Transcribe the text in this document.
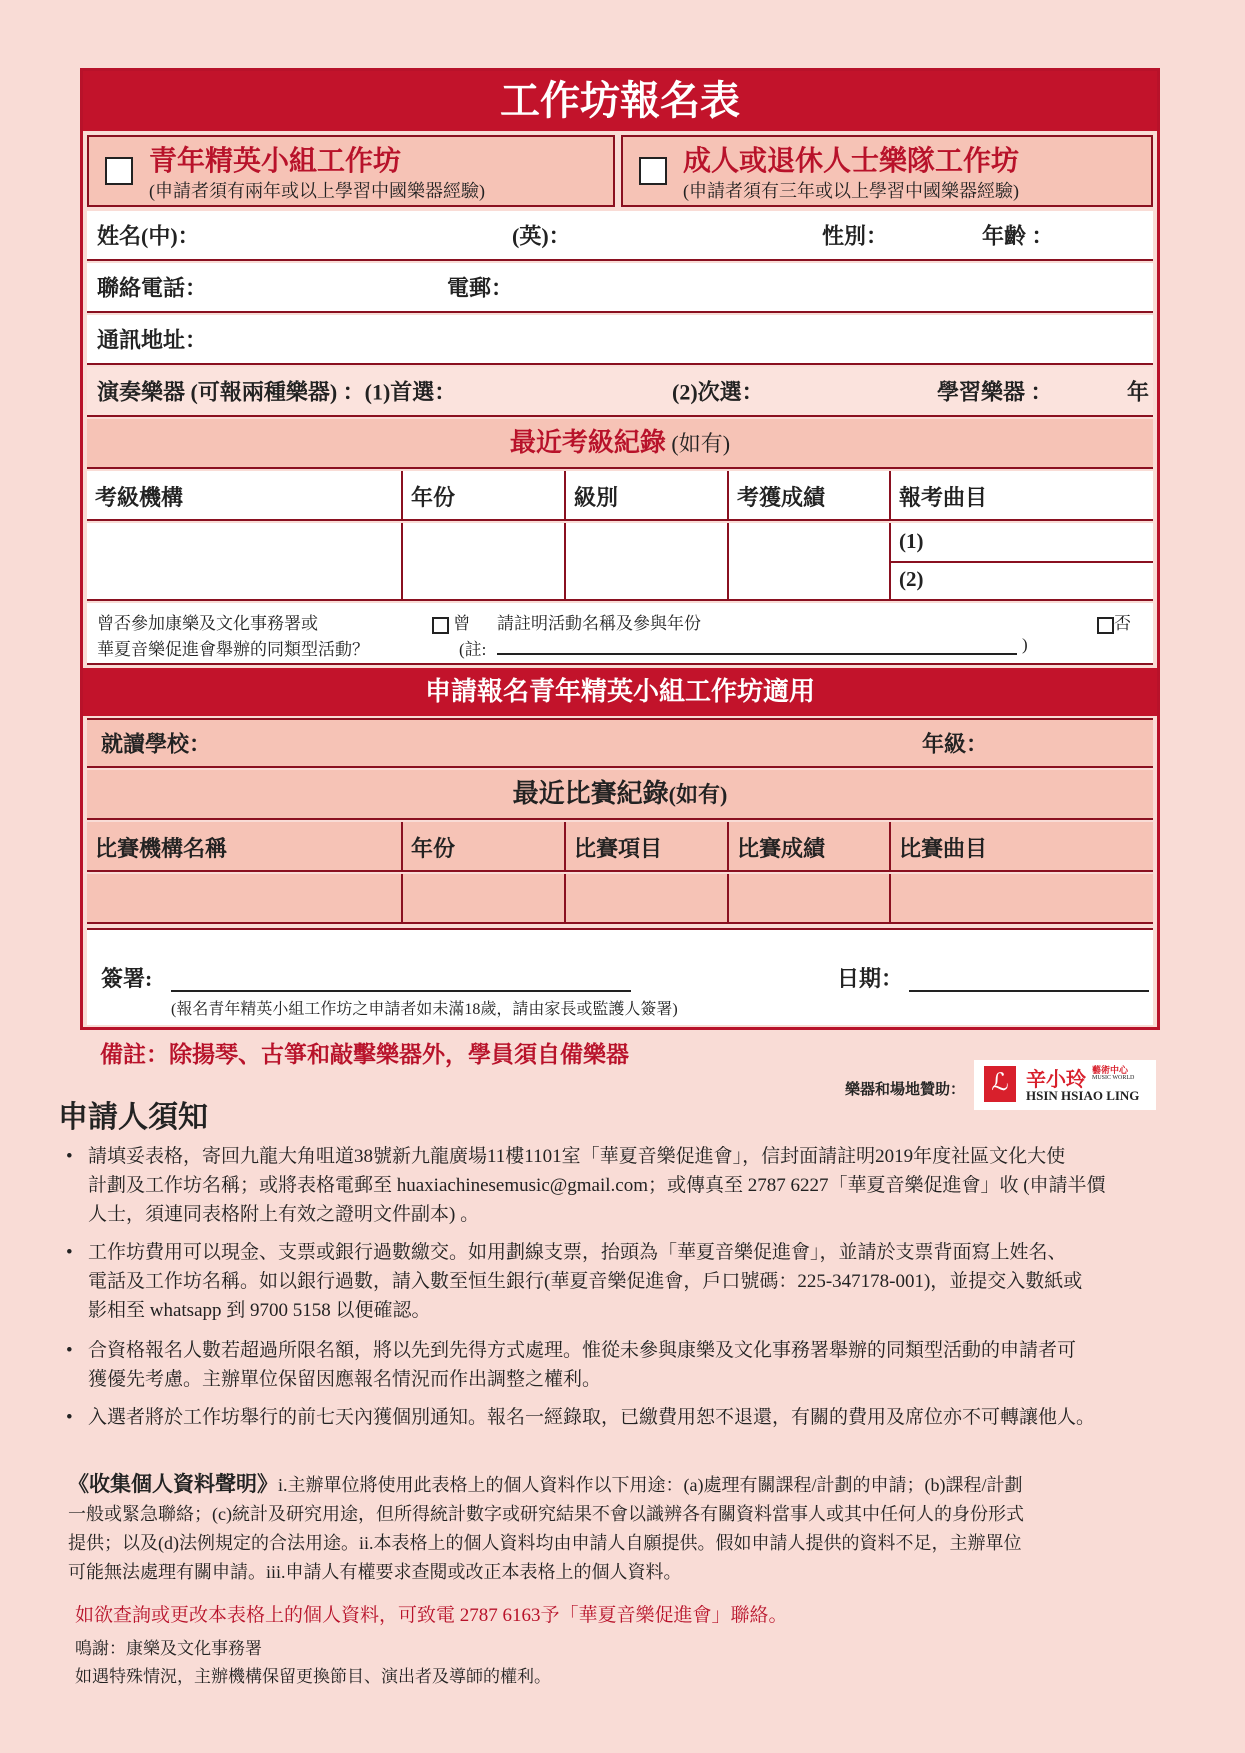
工作坊報名表
青年精英小組工作坊
(申請者須有兩年或以上學習中國樂器經驗)
成人或退休人士樂隊工作坊
(申請者須有三年或以上學習中國樂器經驗)
姓名(中)：	(英)：	性別：	年齡 ：
聯絡電話：	電郵：
通訊地址：
演奏樂器 (可報兩種樂器) ：(1)首選：	(2)次選：	學習樂器 ：	年
最近考級紀錄 (如有)
考級機構	年份	級別	考獲成績	報考曲目
(1)
(2)
曾否參加康樂及文化事務署或
華夏音樂促進會舉辦的同類型活動？
曾 請註明活動名稱及參與年份
(註:	)
否
申請報名青年精英小組工作坊適用
就讀學校：	年級：
最近比賽紀錄(如有)
比賽機構名稱	年份	比賽項目	比賽成績	比賽曲目
簽署:
(報名青年精英小組工作坊之申請者如未滿18歲，請由家長或監護人簽署)
日期：
備註：除揚琴、古箏和敲擊樂器外，學員須自備樂器
樂器和場地贊助：	ℒ 辛小玲 藝術中心
MUSIC WORLD
HSIN HSIAO LING
申請人須知
• 請填妥表格，寄回九龍大角咀道38號新九龍廣場11樓1101室「華夏音樂促進會」，信封面請註明2019年度社區文化大使
計劃及工作坊名稱；或將表格電郵至 huaxiachinesemusic@gmail.com；或傳真至 2787 6227「華夏音樂促進會」收 (申請半價
人士，須連同表格附上有效之證明文件副本) 。
• 工作坊費用可以現金、支票或銀行過數繳交。如用劃線支票，抬頭為「華夏音樂促進會」，並請於支票背面寫上姓名、
電話及工作坊名稱。如以銀行過數，請入數至恒生銀行(華夏音樂促進會，戶口號碼：225-347178-001)，並提交入數紙或
影相至 whatsapp 到 9700 5158 以便確認。
• 合資格報名人數若超過所限名額，將以先到先得方式處理。惟從未參與康樂及文化事務署舉辦的同類型活動的申請者可
獲優先考慮。主辦單位保留因應報名情況而作出調整之權利。
• 入選者將於工作坊舉行的前七天內獲個別通知。報名一經錄取，已繳費用恕不退還，有關的費用及席位亦不可轉讓他人。
《收集個人資料聲明》i.主辦單位將使用此表格上的個人資料作以下用途：(a)處理有關課程/計劃的申請；(b)課程/計劃
一般或緊急聯絡；(c)統計及研究用途，但所得統計數字或研究結果不會以識辨各有關資料當事人或其中任何人的身份形式
提供；以及(d)法例規定的合法用途。ii.本表格上的個人資料均由申請人自願提供。假如申請人提供的資料不足，主辦單位
可能無法處理有關申請。iii.申請人有權要求查閱或改正本表格上的個人資料。
如欲查詢或更改本表格上的個人資料，可致電 2787 6163予「華夏音樂促進會」聯絡。
鳴謝：康樂及文化事務署
如遇特殊情況，主辦機構保留更換節目、演出者及導師的權利。
